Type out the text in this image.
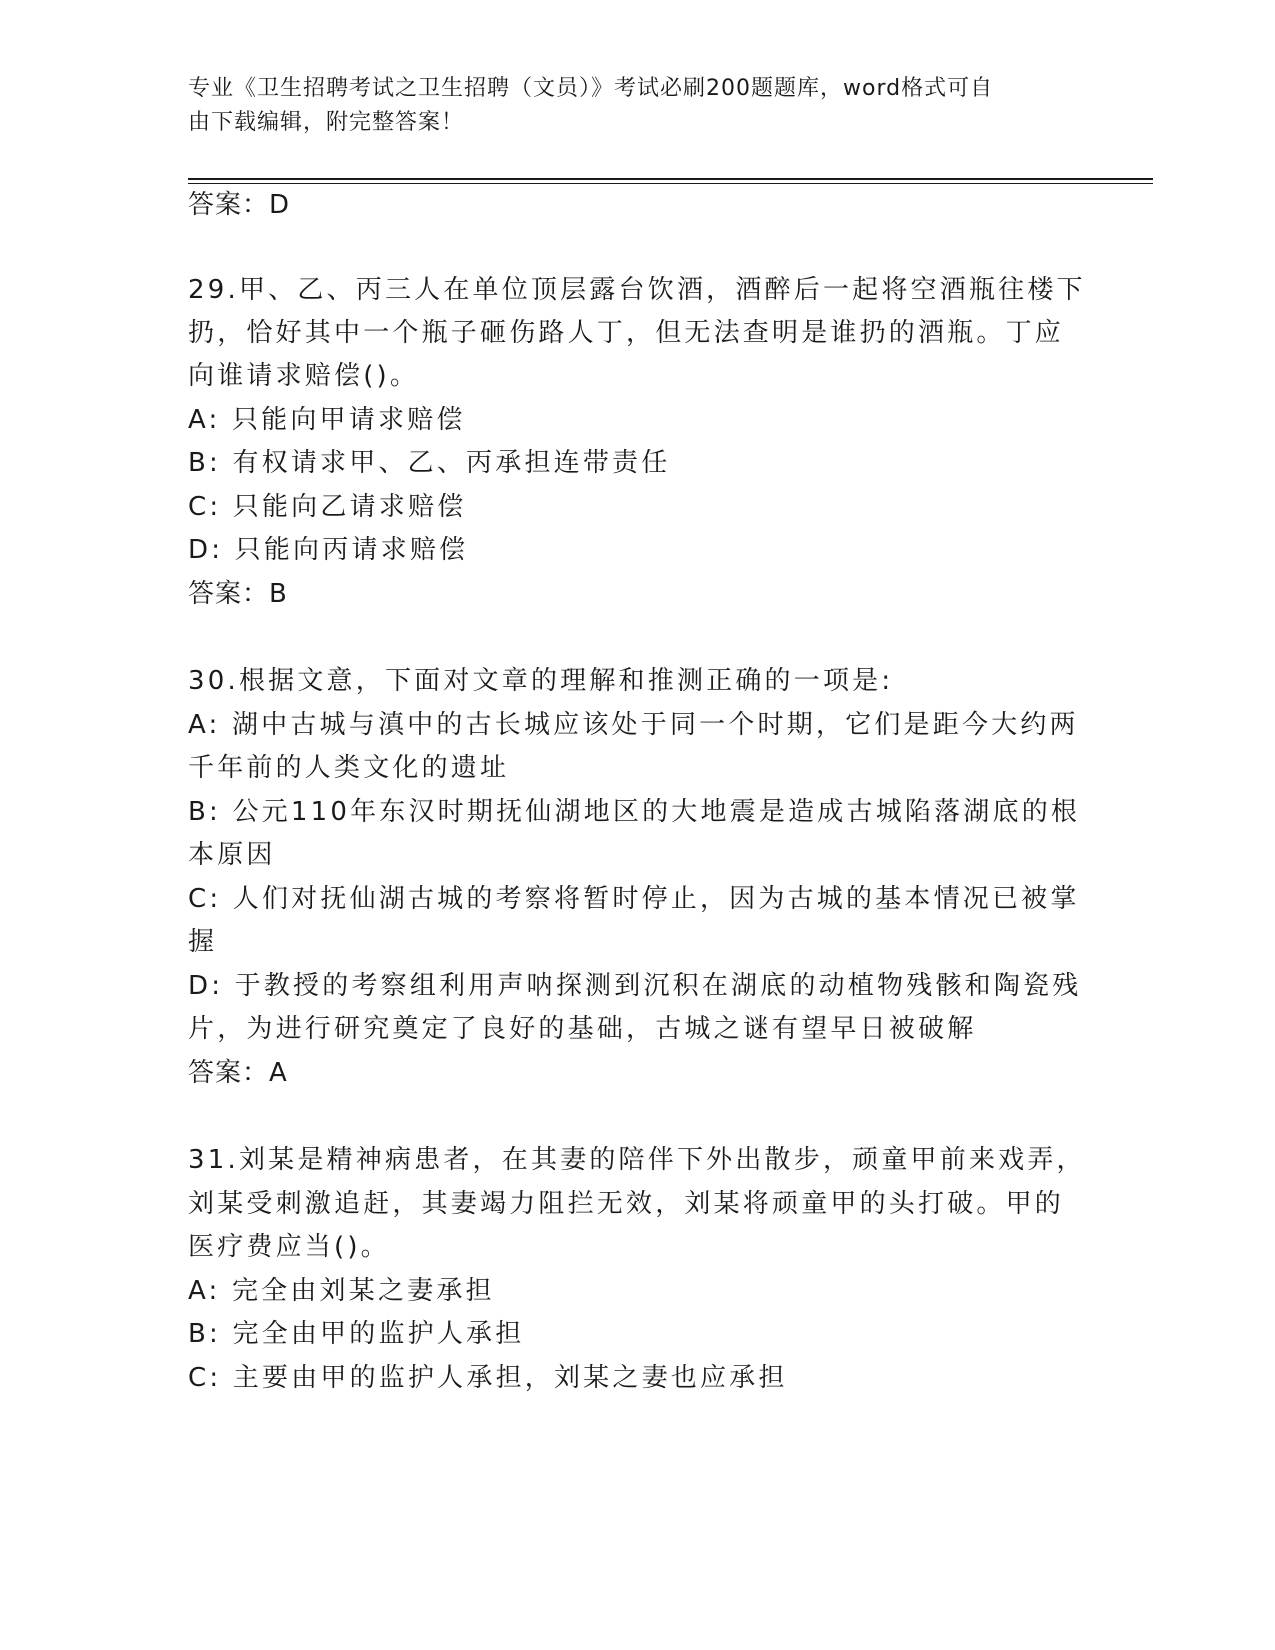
专业《卫生招聘考试之卫生招聘（文员）》考试必刷200题题库，word格式可自
由下载编辑，附完整答案！
答案：D
29.甲、乙、丙三人在单位顶层露台饮酒，酒醉后一起将空酒瓶往楼下
扔，恰好其中一个瓶子砸伤路人丁，但无法查明是谁扔的酒瓶。丁应
向谁请求赔偿()。
A: 只能向甲请求赔偿
B: 有权请求甲、乙、丙承担连带责任
C: 只能向乙请求赔偿
D: 只能向丙请求赔偿
答案：B
30.根据文意，下面对文章的理解和推测正确的一项是:
A: 湖中古城与滇中的古长城应该处于同一个时期，它们是距今大约两
千年前的人类文化的遗址
B: 公元110年东汉时期抚仙湖地区的大地震是造成古城陷落湖底的根
本原因
C: 人们对抚仙湖古城的考察将暂时停止，因为古城的基本情况已被掌
握
D: 于教授的考察组利用声呐探测到沉积在湖底的动植物残骸和陶瓷残
片，为进行研究奠定了良好的基础，古城之谜有望早日被破解
答案：A
31.刘某是精神病患者，在其妻的陪伴下外出散步，顽童甲前来戏弄，
刘某受刺激追赶，其妻竭力阻拦无效，刘某将顽童甲的头打破。甲的
医疗费应当()。
A: 完全由刘某之妻承担
B: 完全由甲的监护人承担
C: 主要由甲的监护人承担，刘某之妻也应承担
